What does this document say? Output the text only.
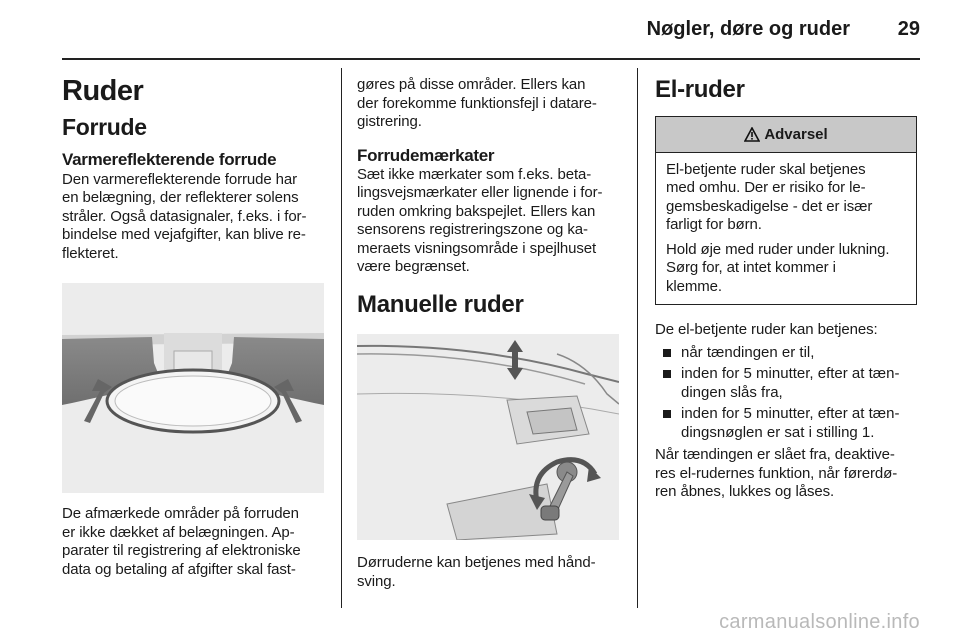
Nøgler, døre og ruder 29
Ruder
Forrude
Varmereflekterende forrude

Den varmereflekterende forrude har
en belægning, der reflekterer solens
stråler. Også datasignaler, f.eks. i for-
bindelse med vejafgifter, kan blive re-
flekteret.

De afmærkede områder på forruden
er ikke dækket af belægningen. Ap-
parater til registrering af elektroniske
data og betaling af afgifter skal fast-

gøres på disse områder. Ellers kan
der forekomme funktionsfejl i datare-
gistrering.

Forrudemærkater

Sæt ikke mærkater som f.eks. beta-
lingsvejsmærkater eller lignende i for-
ruden omkring bakspejlet. Ellers kan
sensorens registreringszone og ka-
meraets visningsområde i spejlhuset
være begrænset.

Manuelle ruder

Dørruderne kan betjenes med hånd-
sving.

El-ruder
Advarsel

El-betjente ruder skal betjenes
med omhu. Der er risiko for le-
gemsbeskadigelse - det er især
farligt for børn.

Hold øje med ruder under lukning.
Sørg for, at intet kommer i
klemme.

De el-betjente ruder kan betjenes:

når tændingen er til,
inden for 5 minutter, efter at tæn-
dingen slås fra,
inden for 5 minutter, efter at tæn-
dingsnøglen er sat i stilling 1.

Når tændingen er slået fra, deaktive-
res el-rudernes funktion, når førerdø-
ren åbnes, lukkes og låses.

carmanualsonline.info
